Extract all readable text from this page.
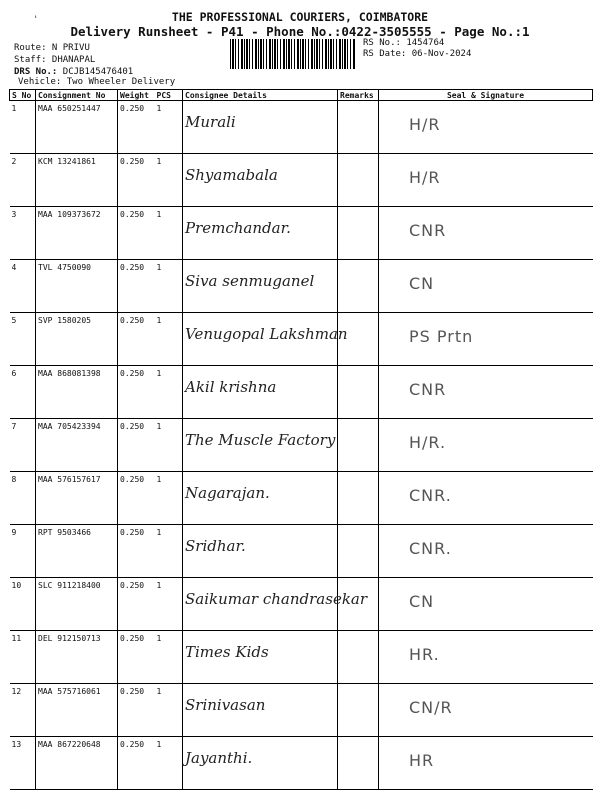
'	THE PROFESSIONAL COURIERS, COIMBATORE
Delivery Runsheet - P41 - Phone No.:0422-3505555 - Page No.:1
Route: N PRIVU
Staff: DHANAPAL
DRS No.: DCJB145476401
Vehicle: Two Wheeler Delivery
RS No.: 1454764
RS Date: 06-Nov-2024
S No	Consignment No	Weight	PCS	Consignee Details	Remarks	Seal & Signature
1	MAA 650251447	0.250	1	Murali		H/R
2	KCM 13241861	0.250	1	Shyamabala		H/R
3	MAA 109373672	0.250	1	Premchandar.		CNR
4	TVL 4750090	0.250	1	Siva senmuganel		CN
5	SVP 1580205	0.250	1	Venugopal Lakshman		PS Prtn
6	MAA 868081398	0.250	1	Akil krishna		CNR
7	MAA 705423394	0.250	1	The Muscle Factory		H/R.
8	MAA 576157617	0.250	1	Nagarajan.		CNR.
9	RPT 9503466	0.250	1	Sridhar.		CNR.
10	SLC 911218400	0.250	1	Saikumar chandrasekar		CN
11	DEL 912150713	0.250	1	Times Kids		HR.
12	MAA 575716061	0.250	1	Srinivasan		CN/R
13	MAA 867220648	0.250	1	Jayanthi.		HR
